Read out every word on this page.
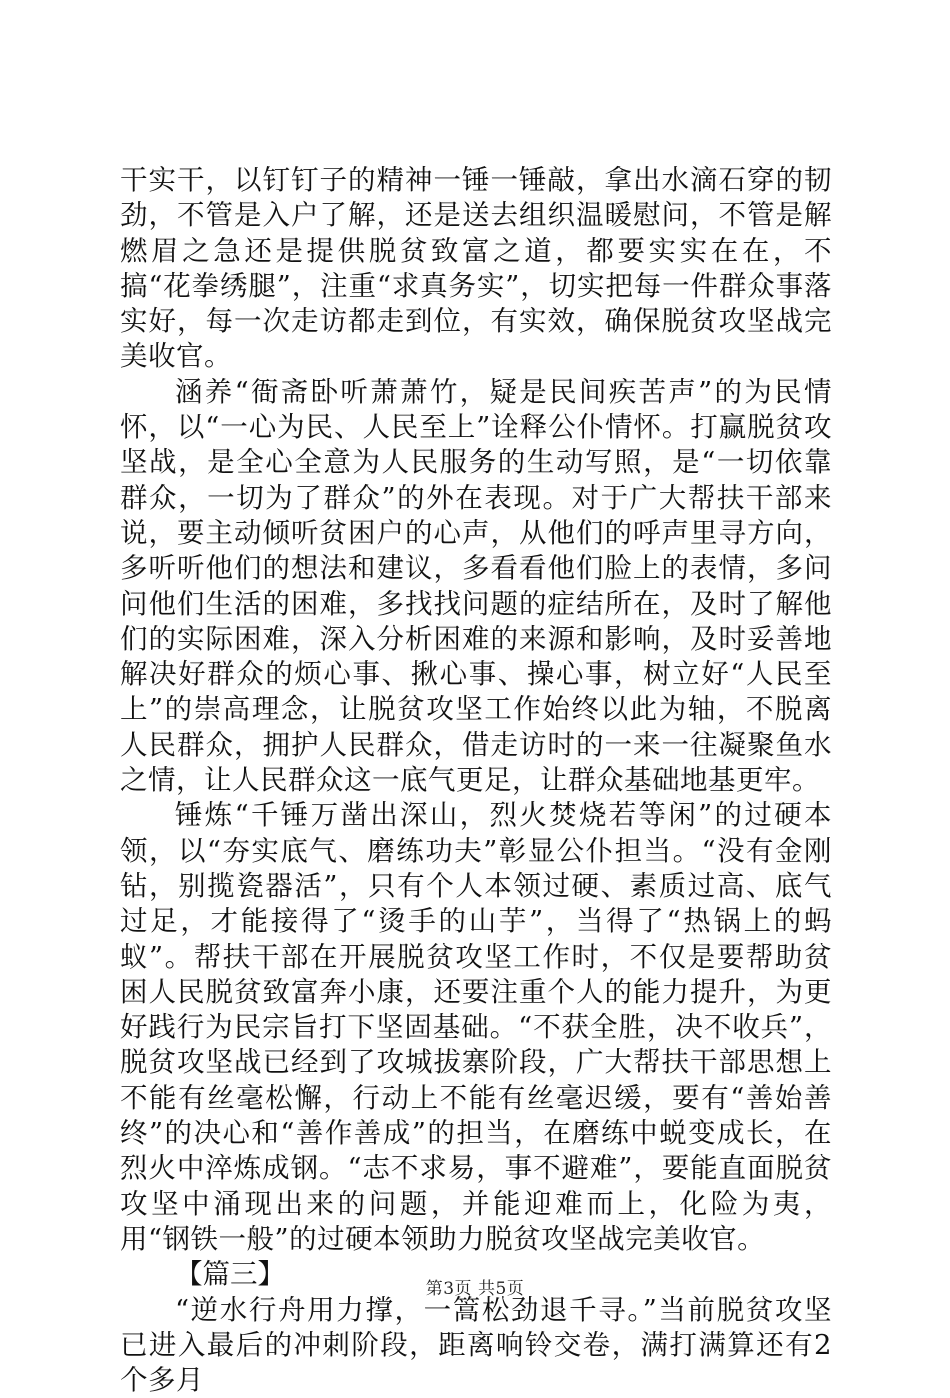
干实干，以钉钉子的精神一锤一锤敲，拿出水滴石穿的韧劲，不管是入户了解，还是送去组织温暖慰问，不管是解燃眉之急还是提供脱贫致富之道，都要实实在在，不搞“花拳绣腿”，注重“求真务实”，切实把每一件群众事落实好，每一次走访都走到位，有实效，确保脱贫攻坚战完美收官。

涵养“衙斋卧听萧萧竹，疑是民间疾苦声”的为民情怀，以“一心为民、人民至上”诠释公仆情怀。打赢脱贫攻坚战，是全心全意为人民服务的生动写照，是“一切依靠群众，一切为了群众”的外在表现。对于广大帮扶干部来说，要主动倾听贫困户的心声，从他们的呼声里寻方向，多听听他们的想法和建议，多看看他们脸上的表情，多问问他们生活的困难，多找找问题的症结所在，及时了解他们的实际困难，深入分析困难的来源和影响，及时妥善地解决好群众的烦心事、揪心事、操心事，树立好“人民至上”的崇高理念，让脱贫攻坚工作始终以此为轴，不脱离人民群众，拥护人民群众，借走访时的一来一往凝聚鱼水之情，让人民群众这一底气更足，让群众基础地基更牢。

锤炼“千锤万凿出深山，烈火焚烧若等闲”的过硬本领，以“夯实底气、磨练功夫”彰显公仆担当。“没有金刚钻，别揽瓷器活”，只有个人本领过硬、素质过高、底气过足，才能接得了“烫手的山芋”，当得了“热锅上的蚂蚁”。帮扶干部在开展脱贫攻坚工作时，不仅是要帮助贫困人民脱贫致富奔小康，还要注重个人的能力提升，为更好践行为民宗旨打下坚固基础。“不获全胜，决不收兵”，脱贫攻坚战已经到了攻城拔寨阶段，广大帮扶干部思想上不能有丝毫松懈，行动上不能有丝毫迟缓，要有“善始善终”的决心和“善作善成”的担当，在磨练中蜕变成长，在烈火中淬炼成钢。“志不求易，事不避难”，要能直面脱贫攻坚中涌现出来的问题，并能迎难而上，化险为夷，用“钢铁一般”的过硬本领助力脱贫攻坚战完美收官。

【篇三】

“逆水行舟用力撑，一篙松劲退千寻。”当前脱贫攻坚已进入最后的冲刺阶段，距离响铃交卷，满打满算还有2个多月

第3页 共5页
